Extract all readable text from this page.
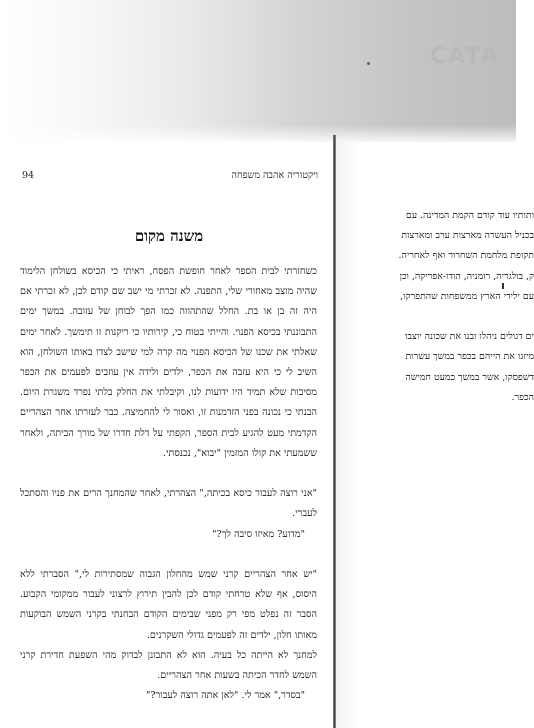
CATA
94	ויקטוריה אהבה משפחה
משנה מקום

כשחזרתי לבית הספר לאחר חופשת הפסח, ראיתי כי הכיסא בשולחן הלימוד שהיה מוצב מאחורי שלי, התפנה. לא זכרתי מי ישב שם קודם לכן, לא זכרתי אם היה זה בן או בת. החלל שהתהווה כמו הפך לבוחן של עזובה. במשך ימים התבוננתי בכיסא הפנוי. והייתי בטוח כי, קירותיו כי ריקנות זו תימשך. לאחר ימים שאלתי את שכנו של הכיסא הפנוי מה קרה למי שישב לצדו באותו השולחן, הוא השיב לי כי היא עזבה את הכפר, ילדים ולידה אין עוזבים לפעמים את הכפר מסיבות שלא תמיד היו ידועות לנו, וקיבלתי את החלק בלתי נפרד משגרת היום. הבנתי כי נכונה בפני הזדמנות זו, ואסור לי להחמיצה. כבר לעזרתו אחר הצהריים הקדמתי מעט להגיע לבית הספר, הקפתי על דלת חדרו של מורך הכיתה, ולאחר ששמעתי את קולו המזמין "יבוא", נכנסתי.

"אני רוצה לעבור כיסא בכיתה," הצהרתי, לאחר שהמחנך הרים את פניו והסתכל לעברי.

"מדוע? מאיזו סיבה לך?"

"יש אחר הצהריים קרני שמש מהחלון הגבוה שמסתירות לי," הסברתי ללא היסוס, אף שלא טרחתי קודם לכן להבין תירוץ לרצוני לעבור ממקומי הקבוע. הסבר זה נפלט מפי רק מפני שבימים הקודם הבחנתי בקרני השמש הבוקעות מאותו חלון, ילדים זה לפעמים גדולי השקרנים.

למחנך לא הייתה כל בעיה. הוא לא התבונן לבדוק מהי השפעת חדירת קרני השמש לחדר הכיתה בשעות אחר הצהריים.

"בסדר," אמר לי. "לאן אתה רוצה לעבור?"

ותותיו עוד קודם הקמת המדינה. עם
בכניל העשרה מארצות ערב ומארצות
תקופת מלחמת השחרור ואף לאחריה.
ק, בולגריה, רומניה, הודו-אפריקה, וכן
עם ילידי הארץ ממשפחות שהתפרקו,
ים דגולים ניהלו ובנו את שכונה יוצבו
מיזגו את הייהם בכפר במשך עשרות
דשפסקו, אשר במשך כמעט חמישה
הכפר.
